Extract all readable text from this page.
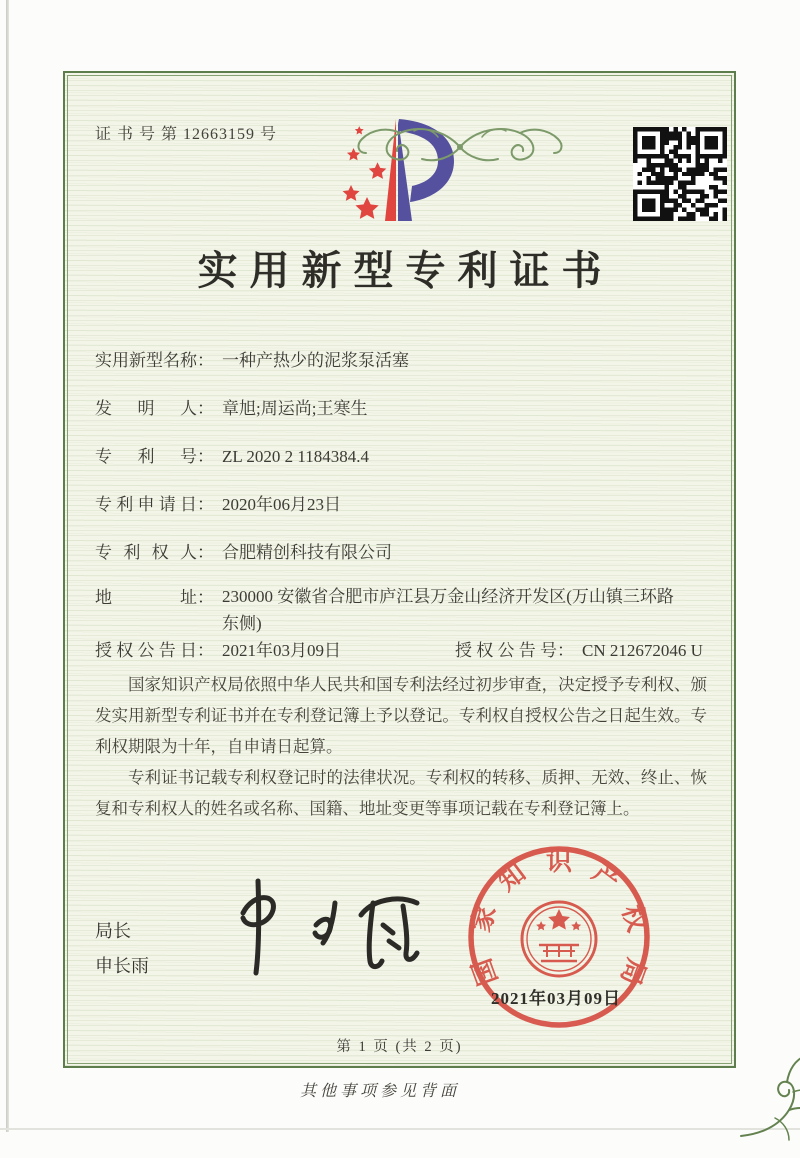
证 书 号 第 12663159 号
实用新型专利证书
实 用 新 型 名 称 ： 一种产热少的泥浆泵活塞
发 明 人 ： 章旭;周运尚;王寒生
专 利 号 ： ZL 2020 2 1184384.4
专 利 申 请 日 ： 2020年06月23日
专 利 权 人 ： 合肥精创科技有限公司
地	址 ： 230000 安徽省合肥市庐江县万金山经济开发区(万山镇三环路东侧)
授 权 公 告 日 ： 2021年03月09日	授 权 公 告 号 ： CN 212672046 U

国家知识产权局依照中华人民共和国专利法经过初步审查，决定授予专利权、颁发实用新型专利证书并在专利登记簿上予以登记。专利权自授权公告之日起生效。专利权期限为十年，自申请日起算。

专利证书记载专利权登记时的法律状况。专利权的转移、质押、无效、终止、恢复和专利权人的姓名或名称、国籍、地址变更等事项记载在专利登记簿上。

局长
申长雨	国
家
知 识 产
权
局
2021年03月09日
第 1 页 (共 2 页)
其他事项参见背面
